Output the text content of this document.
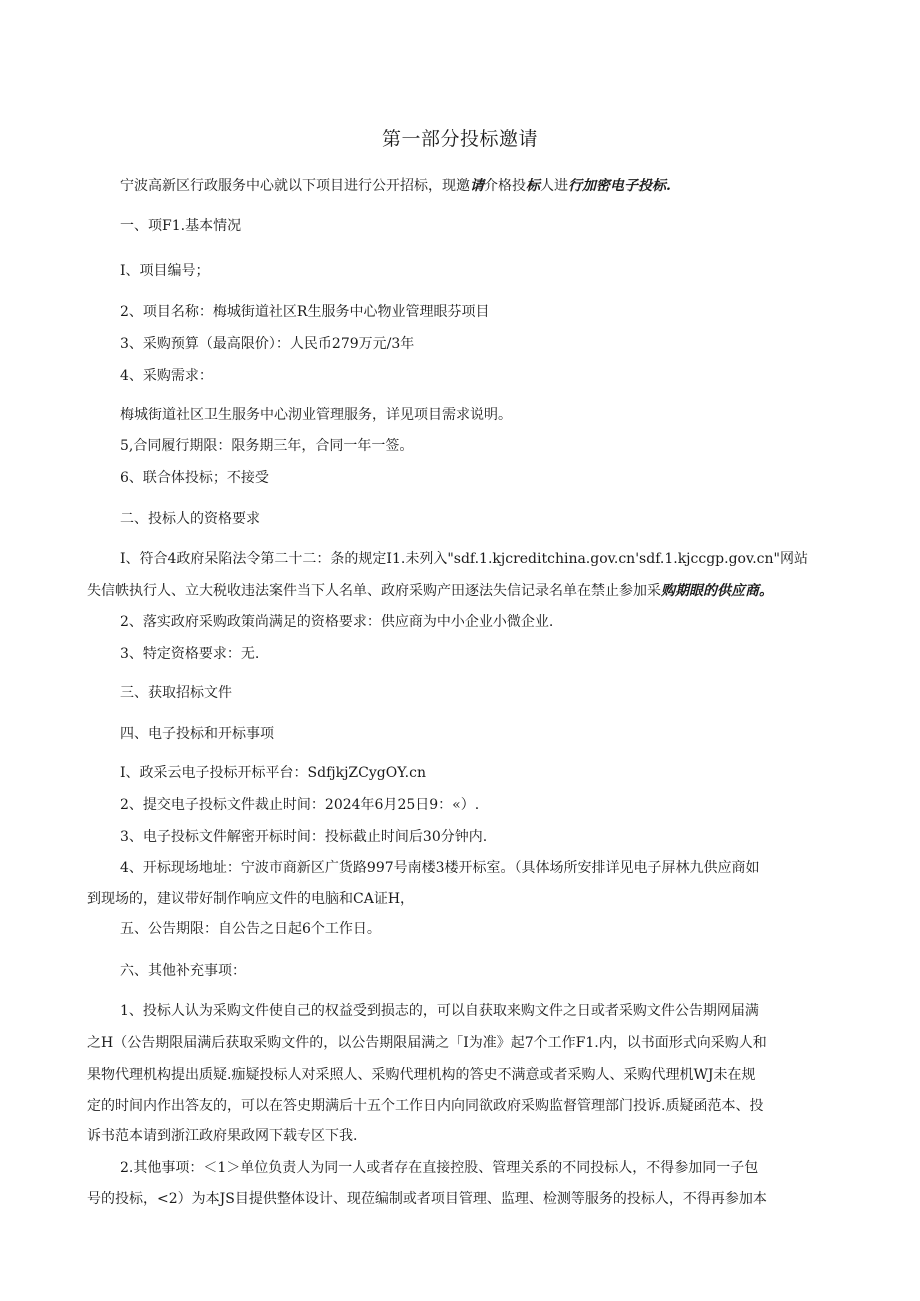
第一部分投标邀请
宁波高新区行政服务中心就以下项目进行公开招标，现邀请介格投标人进行加密电子投标.
一、项F1.基本情况
I、项目编号；
2、项目名称：梅城街道社区R生服务中心物业管理眼芬项目
3、采购预算（最高限价）：人民币279万元/3年
4、采购需求：
梅城街道社区卫生服务中心沏业管理服务，详见项目需求说明。
5,合同履行期限：限务期三年，合同一年一签。
6、联合体投标；不接受
二、投标人的资格要求
I、符合4政府呆陷法令第二十二：条的规定I1.未列入"sdf.1.kjcreditchina.gov.cn'sdf.1.kjccgp.gov.cn"网站
失信帙执行人、立大税收违法案件当下人名单、政府采购产田逐法失信记录名单在禁止参加采购期眼的供应商。
2、落实政府采购政策尚满足的资格要求：供应商为中小企业小微企业.
3、特定资格要求：无.
三、获取招标文件
四、电子投标和开标事项
I、政采云电子投标开标平台：SdfjkjZCygOY.cn
2、提交电子投标文件裁止时间：2024年6月25日9：«）.
3、电子投标文件解密开标时间：投标截止时间后30分钟内.
4、开标现场地址：宁波市商新区广货路997号南楼3楼开标室。（具体场所安排详见电子屏林九供应商如
到现场的，建议带好制作响应文件的电脑和CA证H，
五、公告期限：自公告之日起6个工作日。
六、其他补充事项：
1、投标人认为采购文件使自己的权益受到损志的，可以自获取来购文件之日或者采购文件公告期网届满
之H（公告期限届满后获取采购文件的，以公告期限届满之「I为准》起7个工作F1.内，以书面形式向采购人和
果物代理机构提出质疑.痂疑投标人对采照人、采购代理机构的答史不满意或者采购人、采购代理机WJ未在规
定的时间内作出答友的，可以在答史期满后十五个工作日内向同欲政府采购监督管理部门投诉.质疑函范本、投
诉书范本请到浙江政府果政网下载专区下我.
2.其他事项：＜1＞单位负责人为同一人或者存在直接控股、管理关系的不同投标人，不得参加同一子包
号的投标，<2）为本JS目提供整体设计、现莅编制或者项目管理、监理、检测等服务的投标人，不得再参加本
